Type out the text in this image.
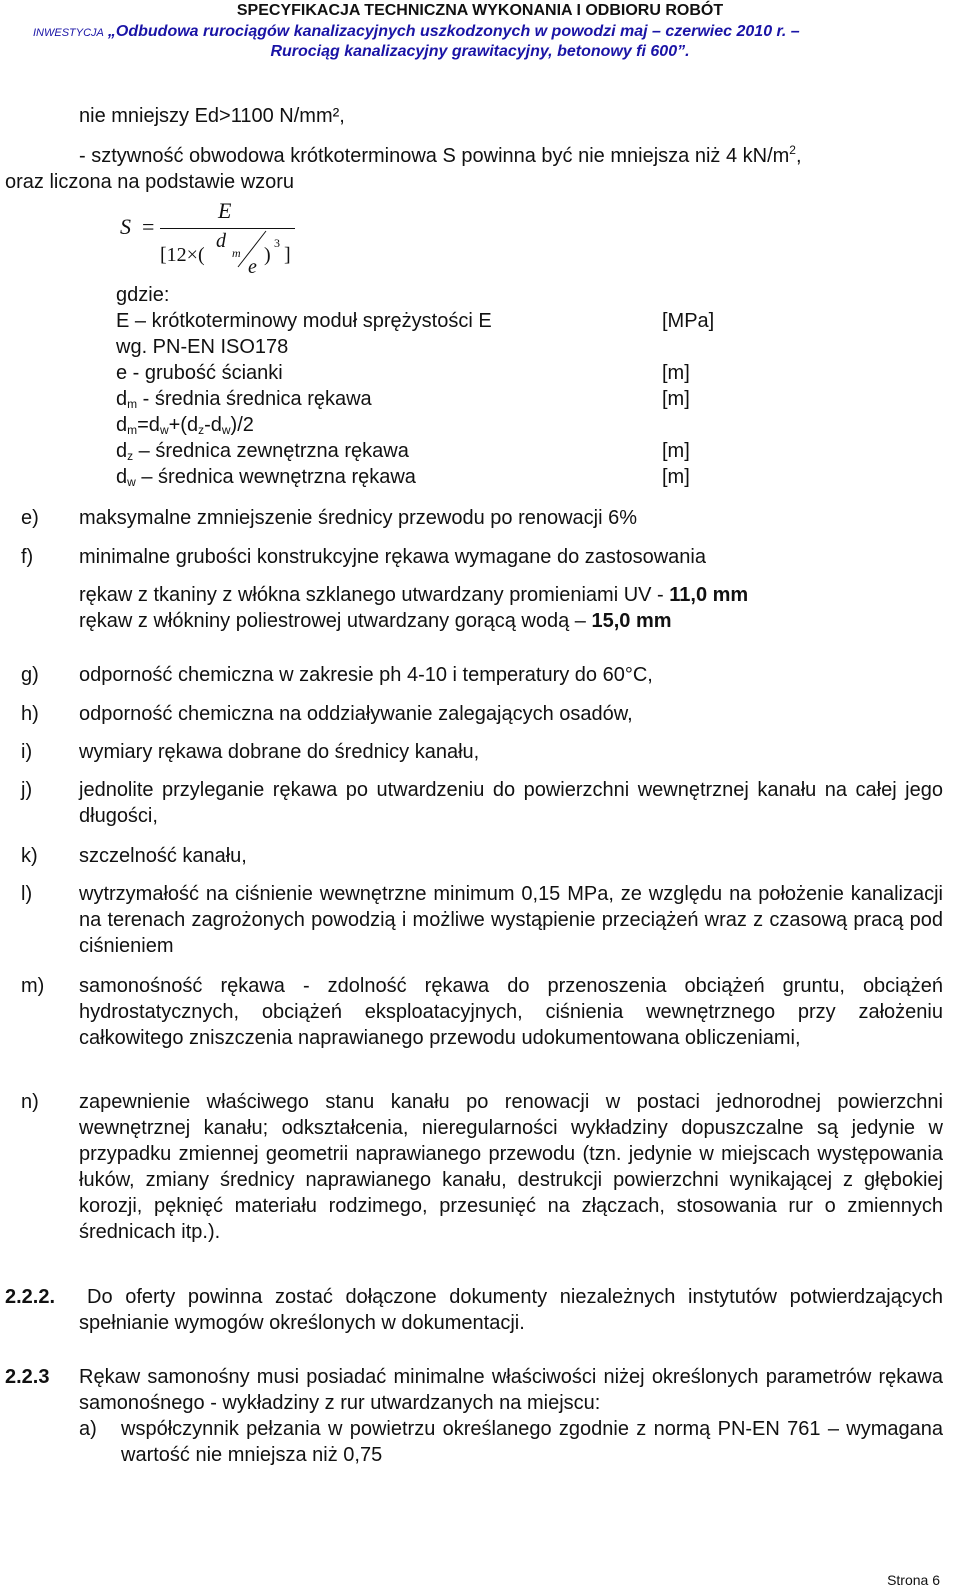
SPECYFIKACJA TECHNICZNA WYKONANIA I ODBIORU ROBÓT
INWESTYCJA „Odbudowa rurociągów kanalizacyjnych uszkodzonych w powodzi maj – czerwiec 2010 r. –
Rurociąg kanalizacyjny grawitacyjny, betonowy fi 600”.
nie mniejszy Ed>1100 N/mm²,
- sztywność obwodowa krótkoterminowa S powinna być nie mniejsza niż 4 $kN/m^2$,
oraz liczona na podstawie wzoru
S =
E
[12×(
d
m
e
)
3
]
gdzie:
E – krótkoterminowy moduł sprężystości E	[MPa]
wg. PN-EN ISO178
e - grubość ścianki	[m]
$d_m$ - średnia średnica rękawa	[m]
$d_m=d_w+(d_z-d_w)/2$
$d_z$ – średnica zewnętrzna rękawa	[m]
$d_w$ – średnica wewnętrzna rękawa	[m]
e) maksymalne zmniejszenie średnicy przewodu po renowacji 6%
f) minimalne grubości konstrukcyjne rękawa wymagane do zastosowania
rękaw z tkaniny z włókna szklanego utwardzany promieniami UV - 11,0 mm
rękaw z włókniny poliestrowej utwardzany gorącą wodą – 15,0 mm
g) odporność chemiczna w zakresie ph 4-10 i temperatury do 60°C,
h) odporność chemiczna na oddziaływanie zalegających osadów,
i) wymiary rękawa dobrane do średnicy kanału,
j) jednolite przyleganie rękawa po utwardzeniu do powierzchni wewnętrznej kanału na całej jego długości,
k) szczelność kanału,
l) wytrzymałość na ciśnienie wewnętrzne minimum 0,15 MPa, ze względu na położenie kanalizacji na terenach zagrożonych powodzią i możliwe wystąpienie przeciążeń wraz z czasową pracą pod ciśnieniem
m) samonośność rękawa - zdolność rękawa do przenoszenia obciążeń gruntu, obciążeń hydrostatycznych, obciążeń eksploatacyjnych, ciśnienia wewnętrznego przy założeniu całkowitego zniszczenia naprawianego przewodu udokumentowana obliczeniami,
n) zapewnienie właściwego stanu kanału po renowacji w postaci jednorodnej powierzchni wewnętrznej kanału; odkształcenia, nieregularności wykładziny dopuszczalne są jedynie w przypadku zmiennej geometrii naprawianego przewodu (tzn. jedynie w miejscach występowania łuków, zmiany średnicy naprawianego kanału, destrukcji powierzchni wynikającej z głębokiej korozji, pęknięć materiału rodzimego, przesunięć na złączach, stosowania rur o zmiennych średnicach itp.).
2.2.2.	Do oferty powinna zostać dołączone dokumenty niezależnych instytutów potwierdzających spełnianie wymogów określonych w dokumentacji.
2.2.3 Rękaw samonośny musi posiadać minimalne właściwości niżej określonych parametrów rękawa samonośnego - wykładziny z rur utwardzanych na miejscu:
a) współczynnik pełzania w powietrzu określanego zgodnie z normą PN-EN 761 – wymagana wartość nie mniejsza niż 0,75
Strona 6
